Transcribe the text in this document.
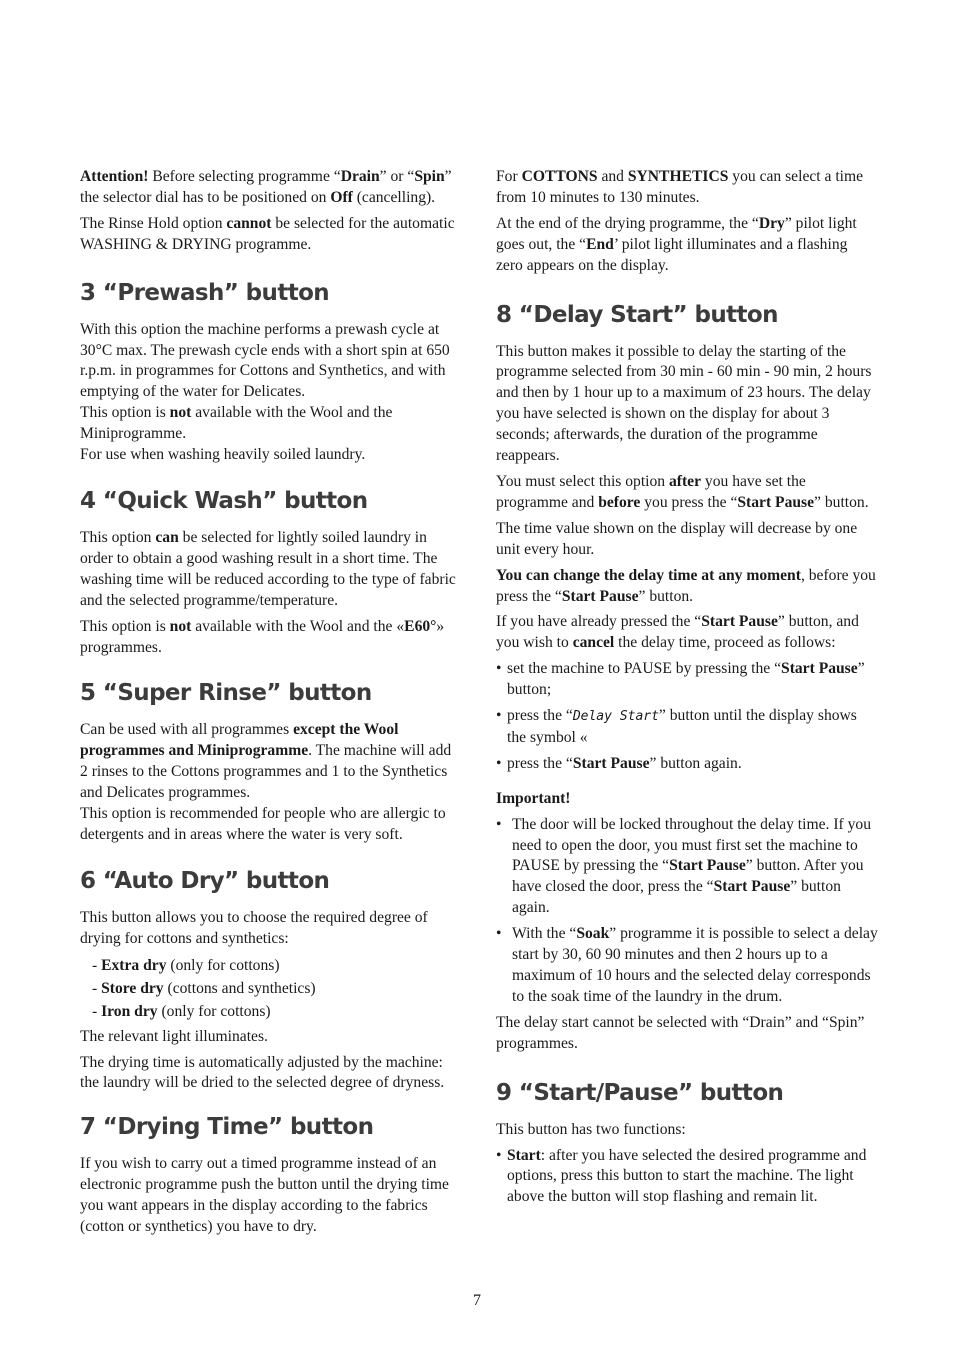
Attention! Before selecting programme “Drain” or “Spin” the selector dial has to be positioned on Off (cancelling).

The Rinse Hold option cannot be selected for the automatic WASHING & DRYING programme.

3 “Prewash” button

With this option the machine performs a prewash cycle at 30°C max. The prewash cycle ends with a short spin at 650 r.p.m. in programmes for Cottons and Synthetics, and with emptying of the water for Delicates.

This option is not available with the Wool and the Miniprogramme.

For use when washing heavily soiled laundry.

4 “Quick Wash” button

This option can be selected for lightly soiled laundry in order to obtain a good washing result in a short time. The washing time will be reduced according to the type of fabric and the selected programme/temperature.

This option is not available with the Wool and the «E60°» programmes.

5 “Super Rinse” button

Can be used with all programmes except the Wool programmes and Miniprogramme. The machine will add 2 rinses to the Cottons programmes and 1 to the Synthetics and Delicates programmes.

This option is recommended for people who are allergic to detergents and in areas where the water is very soft.

6 “Auto Dry” button

This button allows you to choose the required degree of drying for cottons and synthetics:

- Extra dry (only for cottons)
- Store dry (cottons and synthetics)
- Iron dry (only for cottons)

The relevant light illuminates.

The drying time is automatically adjusted by the machine: the laundry will be dried to the selected degree of dryness.

7 “Drying Time” button

If you wish to carry out a timed programme instead of an electronic programme push the button until the drying time you want appears in the display according to the fabrics (cotton or synthetics) you have to dry.

For COTTONS and SYNTHETICS you can select a time from 10 minutes to 130 minutes.

At the end of the drying programme, the “Dry” pilot light goes out, the “End’ pilot light illuminates and a flashing zero appears on the display.

8 “Delay Start” button

This button makes it possible to delay the starting of the programme selected from 30 min - 60 min - 90 min, 2 hours and then by 1 hour up to a maximum of 23 hours. The delay you have selected is shown on the display for about 3 seconds; afterwards, the duration of the programme reappears.

You must select this option after you have set the programme and before you press the “Start Pause” button.

The time value shown on the display will decrease by one unit every hour.

You can change the delay time at any moment, before you press the “Start Pause” button.

If you have already pressed the “Start Pause” button, and you wish to cancel the delay time, proceed as follows:

• set the machine to PAUSE by pressing the “Start Pause” button;
• press the “Delay Start” button until the display shows the symbol «
• press the “Start Pause” button again.

Important!

• The door will be locked throughout the delay time. If you need to open the door, you must first set the machine to PAUSE by pressing the “Start Pause” button. After you have closed the door, press the “Start Pause” button again.
• With the “Soak” programme it is possible to select a delay start by 30, 60 90 minutes and then 2 hours up to a maximum of 10 hours and the selected delay corresponds to the soak time of the laundry in the drum.

The delay start cannot be selected with “Drain” and “Spin” programmes.

9 “Start/Pause” button

This button has two functions:

• Start: after you have selected the desired programme and options, press this button to start the machine. The light above the button will stop flashing and remain lit.
7
